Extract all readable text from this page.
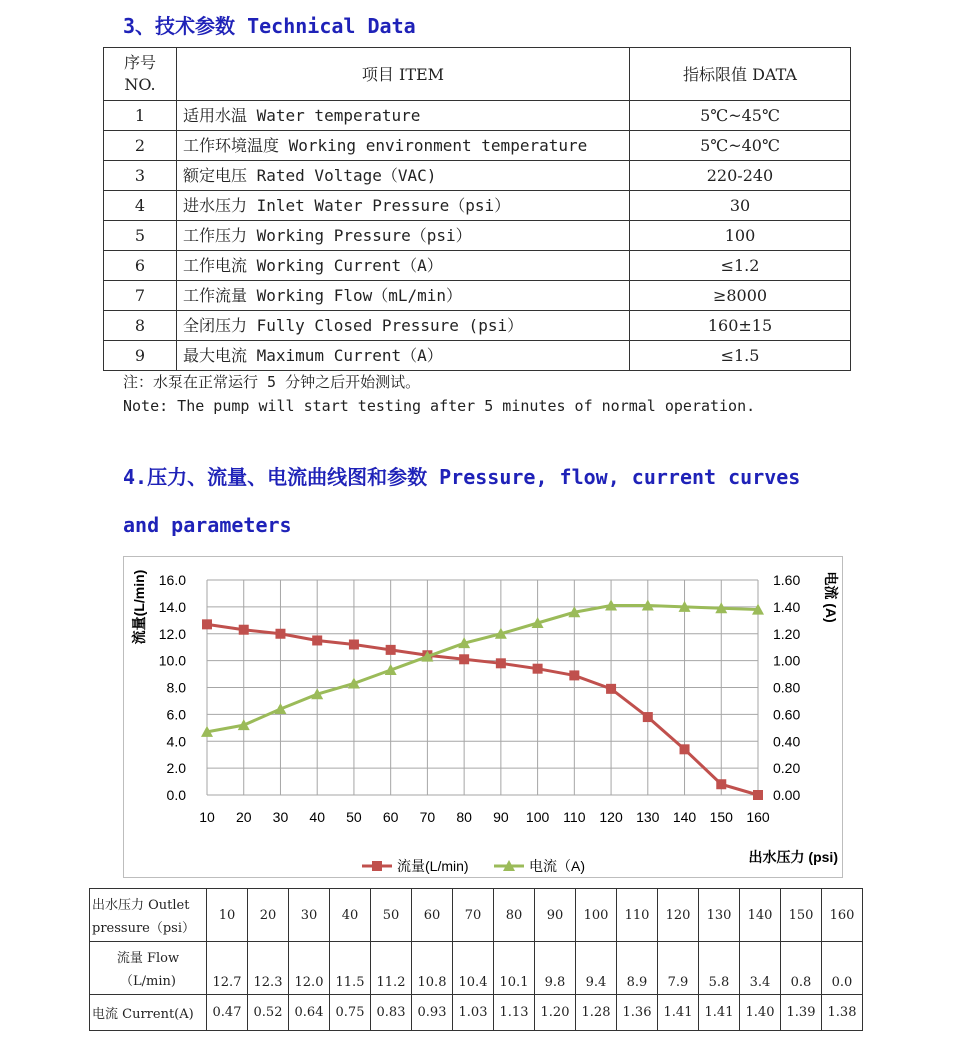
3、技术参数 Technical Data
序号
NO.	项目 ITEM	指标限值 DATA
1	适用水温 Water temperature	5℃~45℃
2	工作环境温度 Working environment temperature	5℃~40℃
3	额定电压 Rated Voltage（VAC)	220-240
4	进水压力 Inlet Water Pressure（psi）	30
5	工作压力 Working Pressure（psi）	100
6	工作电流 Working Current（A）	≤1.2
7	工作流量 Working Flow（mL/min）	≥8000
8	全闭压力 Fully Closed Pressure (psi）	160±15
9	最大电流 Maximum Current（A）	≤1.5
注：水泵在正常运行 5 分钟之后开始测试。
Note: The pump will start testing after 5 minutes of normal operation.
4.压力、流量、电流曲线图和参数 Pressure, flow, current curves
and parameters
0.0
2.0
4.0
6.0
8.0
10.0
12.0
14.0
16.0
0.00
0.20
0.40
0.60
0.80
1.00
1.20
1.40
1.60
10 20 30 40 50 60 70 80 90 100 110 120 130 140 150 160
流量(L/min)	电流 (A)
出水压力 (psi)
流量(L/min)	电流（A)
出水压力 Outlet
pressure（psi）	10	20	30	40	50	60	70	80	90	100	110	120	130	140	150	160

流量 Flow
（L/min)	12.7	12.3	12.0	11.5	11.2	10.8	10.4	10.1	9.8	9.4	8.9	7.9	5.8	3.4	0.8	0.0
电流 Current(A)	0.47	0.52	0.64	0.75	0.83	0.93	1.03	1.13	1.20	1.28	1.36	1.41	1.41	1.40	1.39	1.38
